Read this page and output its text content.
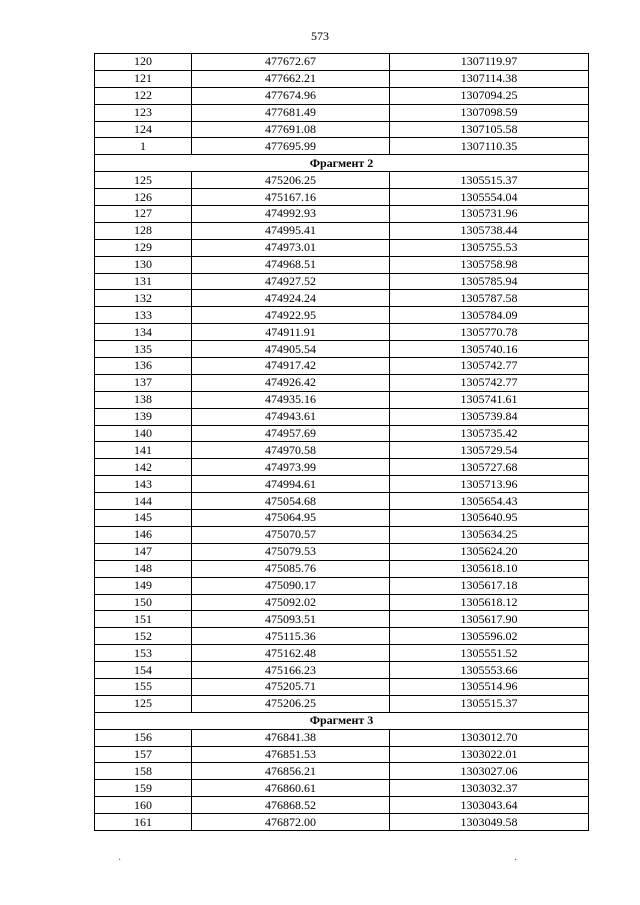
573
120	477672.67	1307119.97
121	477662.21	1307114.38
122	477674.96	1307094.25
123	477681.49	1307098.59
124	477691.08	1307105.58
1	477695.99	1307110.35
Фрагмент 2		
125	475206.25	1305515.37
126	475167.16	1305554.04
127	474992.93	1305731.96
128	474995.41	1305738.44
129	474973.01	1305755.53
130	474968.51	1305758.98
131	474927.52	1305785.94
132	474924.24	1305787.58
133	474922.95	1305784.09
134	474911.91	1305770.78
135	474905.54	1305740.16
136	474917.42	1305742.77
137	474926.42	1305742.77
138	474935.16	1305741.61
139	474943.61	1305739.84
140	474957.69	1305735.42
141	474970.58	1305729.54
142	474973.99	1305727.68
143	474994.61	1305713.96
144	475054.68	1305654.43
145	475064.95	1305640.95
146	475070.57	1305634.25
147	475079.53	1305624.20
148	475085.76	1305618.10
149	475090.17	1305617.18
150	475092.02	1305618.12
151	475093.51	1305617.90
152	475115.36	1305596.02
153	475162.48	1305551.52
154	475166.23	1305553.66
155	475205.71	1305514.96
125	475206.25	1305515.37
Фрагмент 3		
156	476841.38	1303012.70
157	476851.53	1303022.01
158	476856.21	1303027.06
159	476860.61	1303032.37
160	476868.52	1303043.64
161	476872.00	1303049.58
·	·
